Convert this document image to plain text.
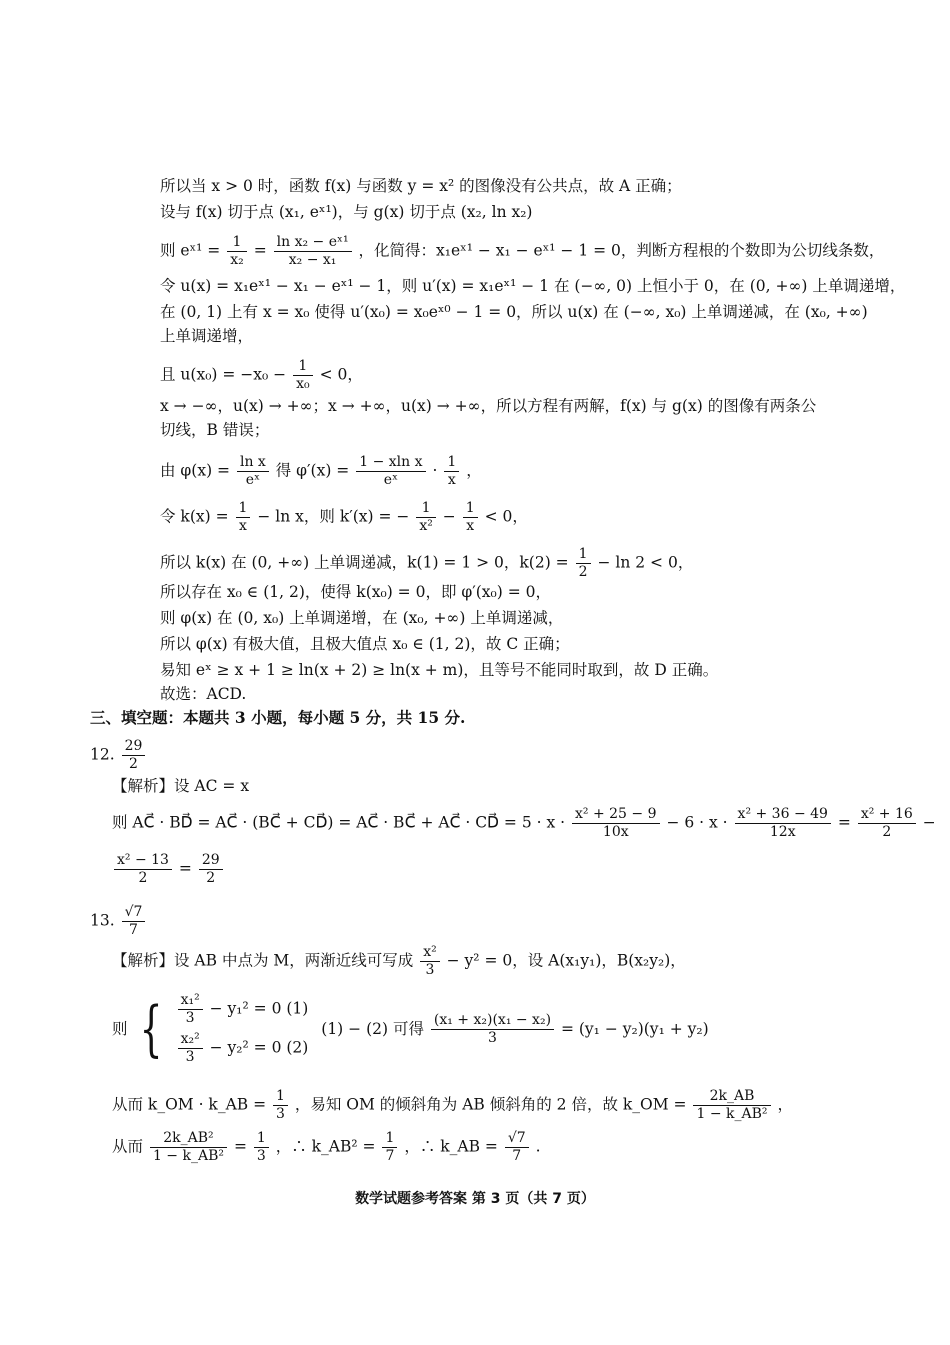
所以当 x > 0 时，函数 f(x) 与函数 y = x² 的图像没有公共点，故 A 正确；
设与 f(x) 切于点 (x₁, eˣ¹)，与 g(x) 切于点 (x₂, ln x₂)
则 eˣ¹ = $\frac{1}{\text{x₂}} = \frac{\text{ln x₂ − eˣ¹}}{\text{x₂ − x₁}}$ ，化简得：x₁eˣ¹ − x₁ − eˣ¹ − 1 = 0，判断方程根的个数即为公切线条数，
令 u(x) = x₁eˣ¹ − x₁ − eˣ¹ − 1，则 u′(x) = x₁eˣ¹ − 1 在 (−∞, 0) 上恒小于 0，在 (0, +∞) 上单调递增，
在 (0, 1) 上有 x = x₀ 使得 u′(x₀) = x₀eˣ⁰ − 1 = 0，所以 u(x) 在 (−∞, x₀) 上单调递减，在 (x₀, +∞)
上单调递增，
且 $u(x_0) = -x_0 - \frac{1}{\text{x₀}} < 0$，
x → −∞，u(x) → +∞；x → +∞，u(x) → +∞，所以方程有两解，f(x) 与 g(x) 的图像有两条公
切线，B 错误；
由 $\varphi(x) = \frac{\text{ln x}}{\text{eˣ}}$ 得 $\varphi'(x) = \frac{\text{1 − xln x}}{\text{eˣ}} \cdot \frac{1}{x}$ ，
令 $k(x) = \frac{1}{x} - \ln x$，则 k′(x) = − $\frac{1}{\text{x²}} - \frac{1}{x} < 0$，
所以 k(x) 在 (0, +∞) 上单调递减，k(1) = 1 > 0，$k(2) = \frac{1}{2} - \ln 2 < 0$，
所以存在 x₀ ∈ (1, 2)，使得 k(x₀) = 0，即 φ′(x₀) = 0，
则 φ(x) 在 (0, x₀) 上单调递增，在 (x₀, +∞) 上单调递减，
所以 φ(x) 有极大值，且极大值点 x₀ ∈ (1, 2)，故 C 正确；
易知 eˣ ≥ x + 1 ≥ ln(x + 2) ≥ ln(x + m)，且等号不能同时取到，故 D 正确。
故选：ACD.
三、填空题：本题共 3 小题，每小题 5 分，共 15 分.
12. $\frac{29}{2}$
【解析】设 AC = x
则 AC⃗ · BD⃗ = AC⃗ · (BC⃗ + CD⃗) = AC⃗ · BC⃗ + AC⃗ · CD⃗ = $5 \cdot x \cdot \frac{\text{x² + 25 − 9}}{10x} - 6 \cdot x \cdot \frac{\text{x² + 36 − 49}}{12x} = \frac{\text{x² + 16}}{2}$ −
$\frac{\text{x² − 13}}{2} = \frac{29}{2}$
13. $\frac{√7}{7}$
【解析】设 AB 中点为 M，两渐近线可写成 $\frac{\text{x²}}{3} - y^2 = 0$，设 A(x₁y₁)，B(x₂y₂)，
则 { $\frac{\text{x₁²}}{3} - y_1^2 = 0$ (1)
$\frac{\text{x₂²}}{3} - y_2^2 = 0$ (2)
(1) − (2) 可得 $\frac{\text{(x₁ + x₂)(x₁ − x₂)}}{3} = (y_1 - y_2)(y_1 + y_2)$
从而 k_OM · k_AB = $\frac{1}{3}$ ，易知 OM 的倾斜角为 AB 倾斜角的 2 倍，故 k_OM = $\frac{2k\_AB}{\text{1 − k\_AB²}}$ ，
从而 $\frac{\text{2k\_AB²}}{\text{1 − k\_AB²}} = \frac{1}{3}$ ，∴ k_AB² = $\frac{1}{7}$ ，∴ k_AB = $\frac{√7}{7}$ .
数学试题参考答案 第 3 页（共 7 页）
